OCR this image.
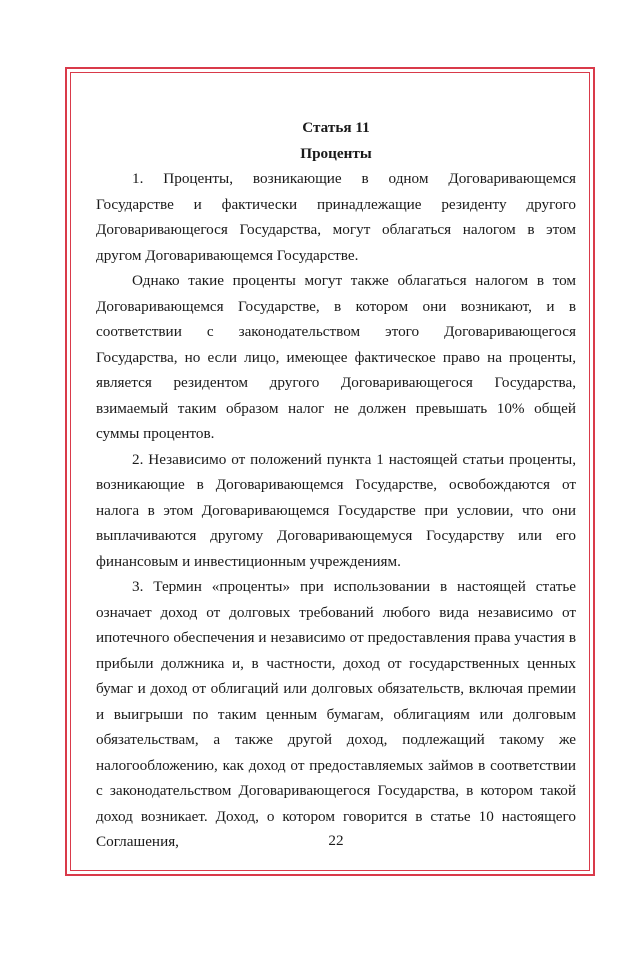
Статья 11
Проценты

1. Проценты, возникающие в одном Договаривающемся Государстве и фактически принадлежащие резиденту другого Договаривающегося Государства, могут облагаться налогом в этом другом Договаривающемся Государстве.

Однако такие проценты могут также облагаться налогом в том Договаривающемся Государстве, в котором они возникают, и в соответствии с законодательством этого Договаривающегося Государства, но если лицо, имеющее фактическое право на проценты, является резидентом другого Договаривающегося Государства, взимаемый таким образом налог не должен превышать 10% общей суммы процентов.

2. Независимо от положений пункта 1 настоящей статьи проценты, возникающие в Договаривающемся Государстве, освобождаются от налога в этом Договаривающемся Государстве при условии, что они выплачиваются другому Договаривающемуся Государству или его финансовым и инвестиционным учреждениям.

3. Термин «проценты» при использовании в настоящей статье означает доход от долговых требований любого вида независимо от ипотечного обеспечения и независимо от предоставления права участия в прибыли должника и, в частности, доход от государственных ценных бумаг и доход от облигаций или долговых обязательств, включая премии и выигрыши по таким ценным бумагам, облигациям или долговым обязательствам, а также другой доход, подлежащий такому же налогообложению, как доход от предоставляемых займов в соответствии с законодательством Договаривающегося Государства, в котором такой доход возникает. Доход, о котором говорится в статье 10 настоящего Соглашения,	22
